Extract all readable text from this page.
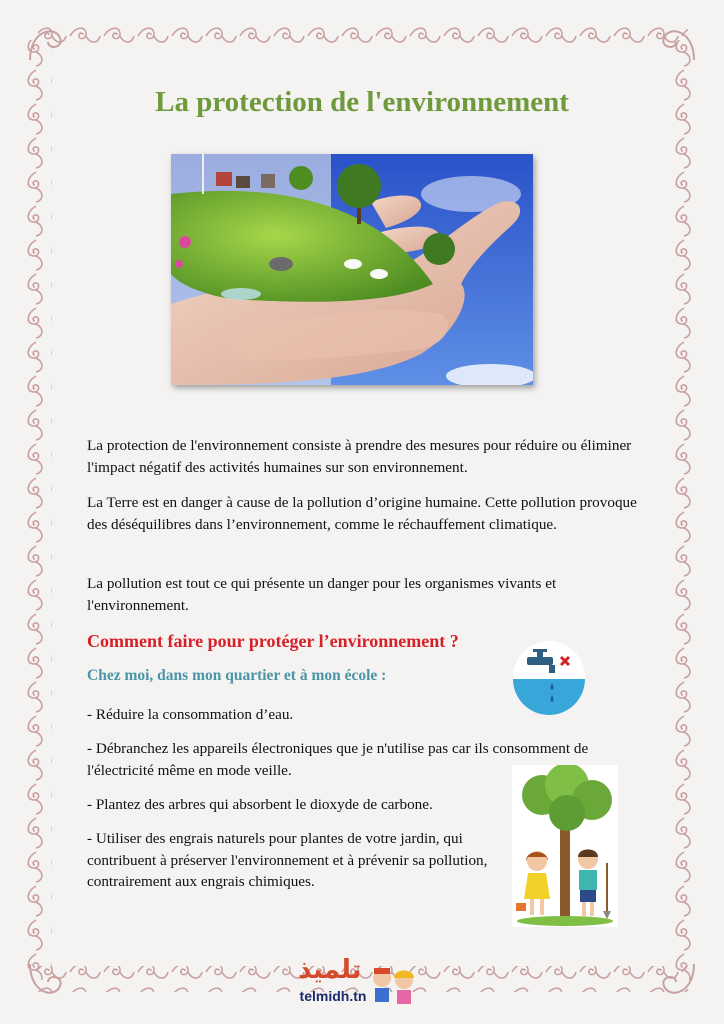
La protection de l'environnement

La protection de l'environnement consiste à prendre des mesures pour réduire ou éliminer l'impact négatif des activités humaines sur son environnement.

La Terre est en danger à cause de la pollution d’origine humaine. Cette pollution provoque des déséquilibres dans l’environnement, comme le réchauffement climatique.

La pollution est tout ce qui présente un danger pour les organismes vivants et l'environnement.

Comment faire pour protéger l’environnement ?
Chez moi, dans mon quartier et à mon école :

- Réduire la consommation d’eau.

- Débranchez les appareils électroniques que je n'utilise pas car ils consomment de l'électricité même en mode veille.

- Plantez des arbres qui absorbent le dioxyde de carbone.

- Utiliser des engrais naturels pour plantes de votre jardin, qui contribuent à préserver l'environnement et à prévenir sa pollution, contrairement aux engrais chimiques.

تلميذ
telmidh.tn
